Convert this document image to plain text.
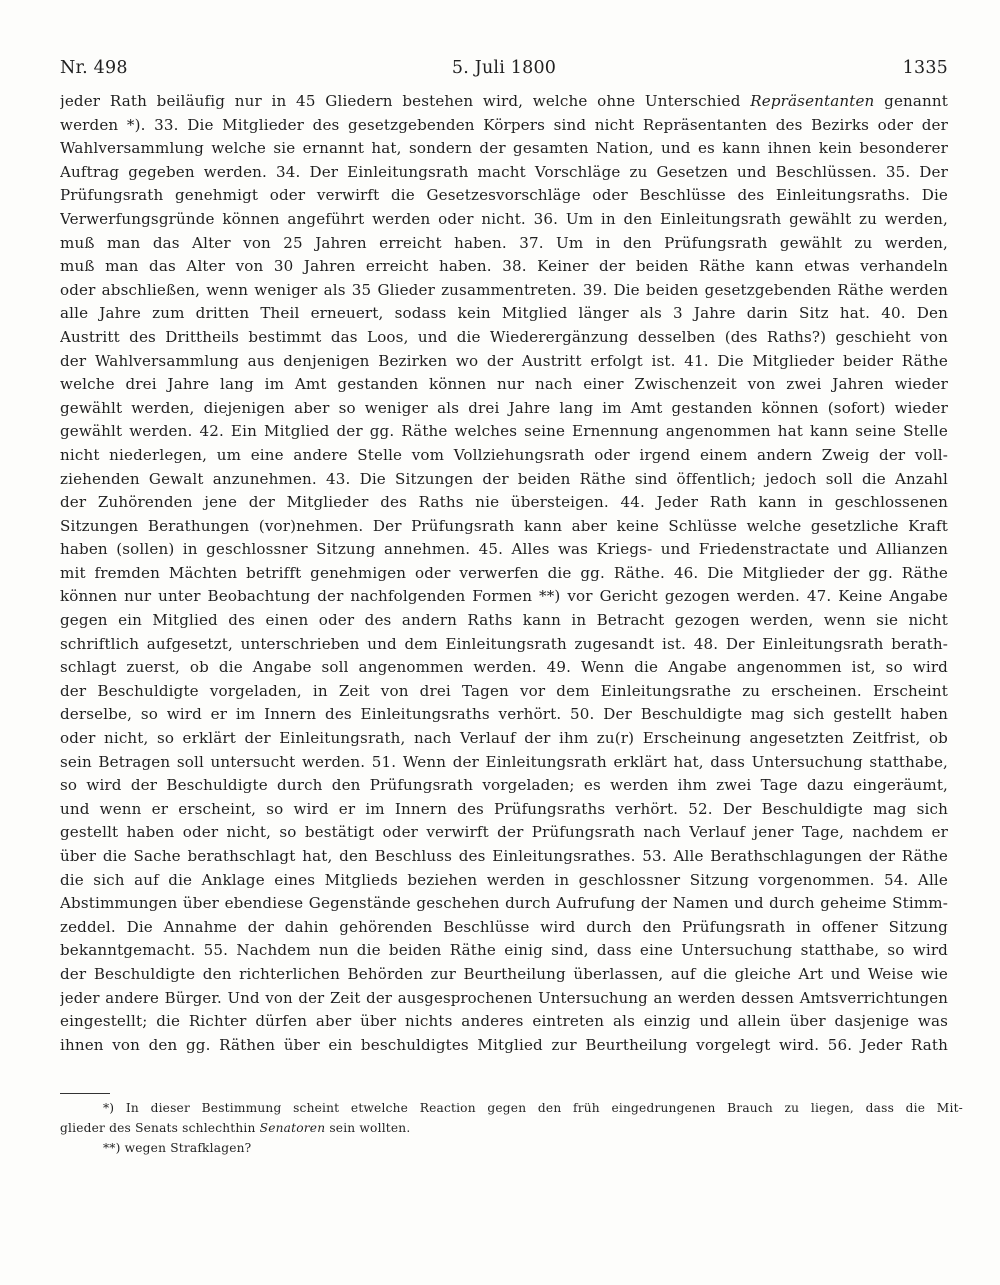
Nr. 498	5. Juli 1800	1335
jeder Rath beiläufig nur in 45 Gliedern bestehen wird, welche ohne Unterschied Repräsentanten genannt
werden *). 33. Die Mitglieder des gesetzgebenden Körpers sind nicht Repräsentanten des Bezirks oder der
Wahlversammlung welche sie ernannt hat, sondern der gesamten Nation, und es kann ihnen kein besonderer
Auftrag gegeben werden. 34. Der Einleitungsrath macht Vorschläge zu Gesetzen und Beschlüssen. 35. Der
Prüfungsrath genehmigt oder verwirft die Gesetzesvorschläge oder Beschlüsse des Einleitungsraths. Die
Verwerfungsgründe können angeführt werden oder nicht. 36. Um in den Einleitungsrath gewählt zu werden,
muß man das Alter von 25 Jahren erreicht haben. 37. Um in den Prüfungsrath gewählt zu werden,
muß man das Alter von 30 Jahren erreicht haben. 38. Keiner der beiden Räthe kann etwas verhandeln
oder abschließen, wenn weniger als 35 Glieder zusammentreten. 39. Die beiden gesetzgebenden Räthe werden
alle Jahre zum dritten Theil erneuert, sodass kein Mitglied länger als 3 Jahre darin Sitz hat. 40. Den
Austritt des Drittheils bestimmt das Loos, und die Wiederergänzung desselben (des Raths?) geschieht von
der Wahlversammlung aus denjenigen Bezirken wo der Austritt erfolgt ist. 41. Die Mitglieder beider Räthe
welche drei Jahre lang im Amt gestanden können nur nach einer Zwischenzeit von zwei Jahren wieder
gewählt werden, diejenigen aber so weniger als drei Jahre lang im Amt gestanden können (sofort) wieder
gewählt werden. 42. Ein Mitglied der gg. Räthe welches seine Ernennung angenommen hat kann seine Stelle
nicht niederlegen, um eine andere Stelle vom Vollziehungsrath oder irgend einem andern Zweig der voll-
ziehenden Gewalt anzunehmen. 43. Die Sitzungen der beiden Räthe sind öffentlich; jedoch soll die Anzahl
der Zuhörenden jene der Mitglieder des Raths nie übersteigen. 44. Jeder Rath kann in geschlossenen
Sitzungen Berathungen (vor)nehmen. Der Prüfungsrath kann aber keine Schlüsse welche gesetzliche Kraft
haben (sollen) in geschlossner Sitzung annehmen. 45. Alles was Kriegs- und Friedenstractate und Allianzen
mit fremden Mächten betrifft genehmigen oder verwerfen die gg. Räthe. 46. Die Mitglieder der gg. Räthe
können nur unter Beobachtung der nachfolgenden Formen **) vor Gericht gezogen werden. 47. Keine Angabe
gegen ein Mitglied des einen oder des andern Raths kann in Betracht gezogen werden, wenn sie nicht
schriftlich aufgesetzt, unterschrieben und dem Einleitungsrath zugesandt ist. 48. Der Einleitungsrath berath-
schlagt zuerst, ob die Angabe soll angenommen werden. 49. Wenn die Angabe angenommen ist, so wird
der Beschuldigte vorgeladen, in Zeit von drei Tagen vor dem Einleitungsrathe zu erscheinen. Erscheint
derselbe, so wird er im Innern des Einleitungsraths verhört. 50. Der Beschuldigte mag sich gestellt haben
oder nicht, so erklärt der Einleitungsrath, nach Verlauf der ihm zu(r) Erscheinung angesetzten Zeitfrist, ob
sein Betragen soll untersucht werden. 51. Wenn der Einleitungsrath erklärt hat, dass Untersuchung statthabe,
so wird der Beschuldigte durch den Prüfungsrath vorgeladen; es werden ihm zwei Tage dazu eingeräumt,
und wenn er erscheint, so wird er im Innern des Prüfungsraths verhört. 52. Der Beschuldigte mag sich
gestellt haben oder nicht, so bestätigt oder verwirft der Prüfungsrath nach Verlauf jener Tage, nachdem er
über die Sache berathschlagt hat, den Beschluss des Einleitungsrathes. 53. Alle Berathschlagungen der Räthe
die sich auf die Anklage eines Mitglieds beziehen werden in geschlossner Sitzung vorgenommen. 54. Alle
Abstimmungen über ebendiese Gegenstände geschehen durch Aufrufung der Namen und durch geheime Stimm-
zeddel. Die Annahme der dahin gehörenden Beschlüsse wird durch den Prüfungsrath in offener Sitzung
bekanntgemacht. 55. Nachdem nun die beiden Räthe einig sind, dass eine Untersuchung statthabe, so wird
der Beschuldigte den richterlichen Behörden zur Beurtheilung überlassen, auf die gleiche Art und Weise wie
jeder andere Bürger. Und von der Zeit der ausgesprochenen Untersuchung an werden dessen Amtsverrichtungen
eingestellt; die Richter dürfen aber über nichts anderes eintreten als einzig und allein über dasjenige was
ihnen von den gg. Räthen über ein beschuldigtes Mitglied zur Beurtheilung vorgelegt wird. 56. Jeder Rath
*) In dieser Bestimmung scheint etwelche Reaction gegen den früh eingedrungenen Brauch zu liegen, dass die Mit-
glieder des Senats schlechthin Senatoren sein wollten.
**) wegen Strafklagen?
